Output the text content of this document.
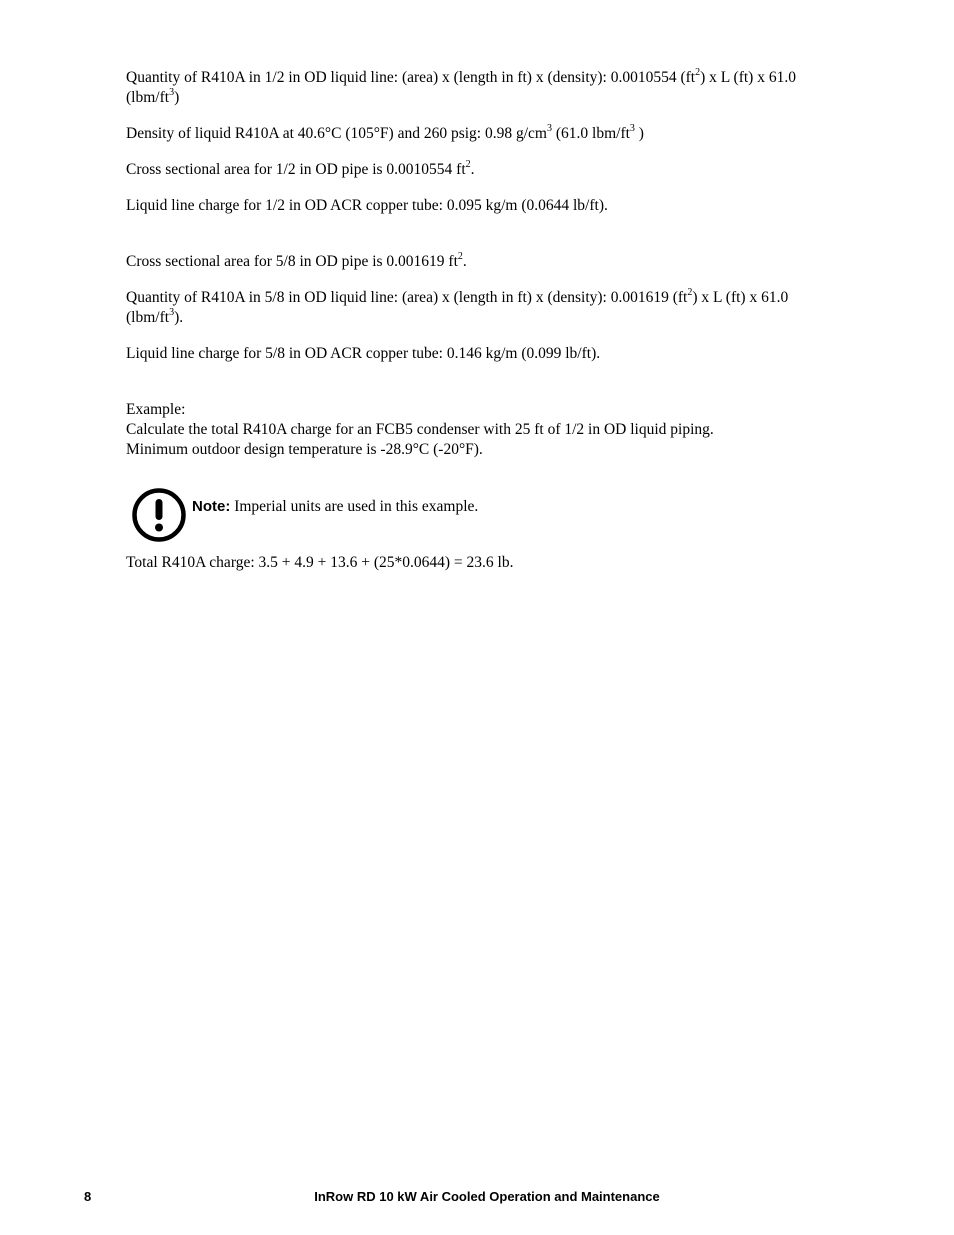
Quantity of R410A in 1/2 in OD liquid line: (area) x (length in ft) x (density): 0.0010554 $(ft^2)$ x L (ft) x 61.0 $(lbm/ft^3)$

Density of liquid R410A at 40.6°C (105°F) and 260 psig: 0.98 $g/cm^3$ (61.0 lbm/$ft^3$ )

Cross sectional area for 1/2 in OD pipe is 0.0010554 $ft^2$.

Liquid line charge for 1/2 in OD ACR copper tube: 0.095 kg/m (0.0644 lb/ft).

Cross sectional area for 5/8 in OD pipe is 0.001619 $ft^2$.

Quantity of R410A in 5/8 in OD liquid line: (area) x (length in ft) x (density): 0.001619 $(ft^2)$ x L (ft) x 61.0 $(lbm/ft^3)$.

Liquid line charge for 5/8 in OD ACR copper tube: 0.146 kg/m (0.099 lb/ft).

Example:
Calculate the total R410A charge for an FCB5 condenser with 25 ft of 1/2 in OD liquid piping.
Minimum outdoor design temperature is -28.9°C (-20°F).

Note: Imperial units are used in this example.

Total R410A charge: 3.5 + 4.9 + 13.6 + (25*0.0644) = 23.6 lb.

8	InRow RD 10 kW Air Cooled Operation and Maintenance
